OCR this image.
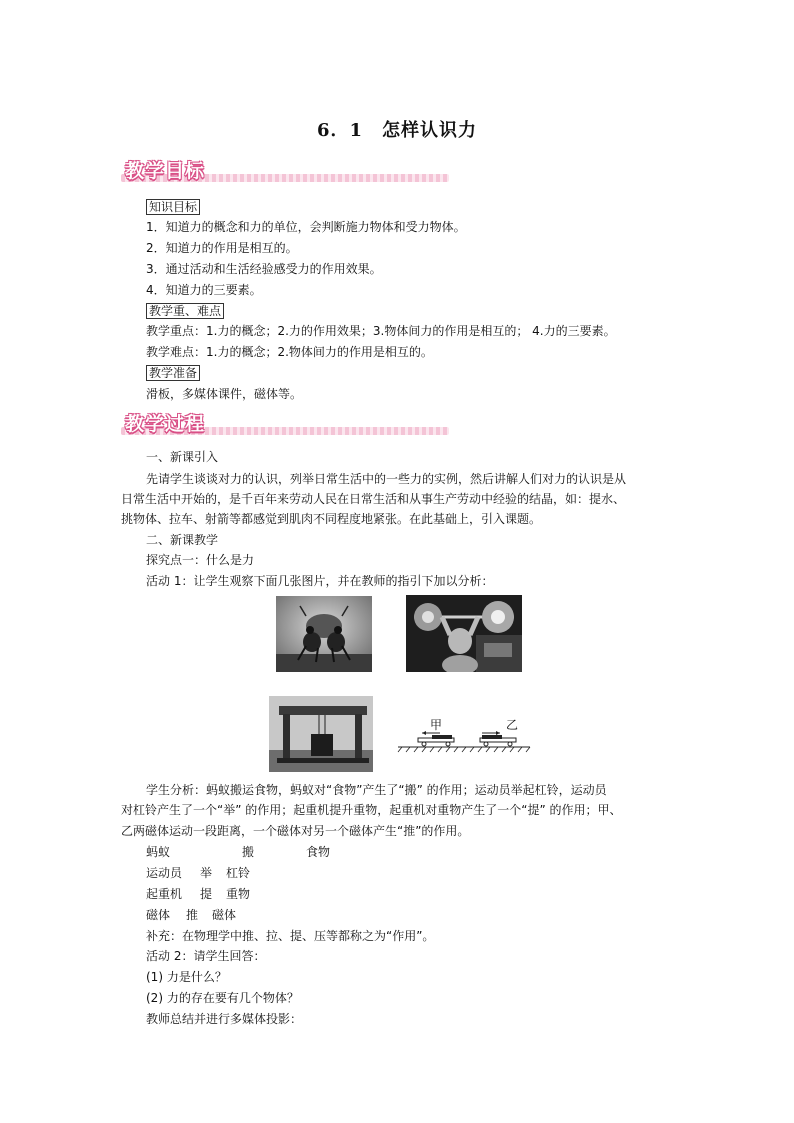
6．1　怎样认识力
教学目标
知识目标
1．知道力的概念和力的单位，会判断施力物体和受力物体。
2．知道力的作用是相互的。
3．通过活动和生活经验感受力的作用效果。
4．知道力的三要素。
教学重、难点
教学重点：1.力的概念；2.力的作用效果；3.物体间力的作用是相互的； 4.力的三要素。
教学难点：1.力的概念；2.物体间力的作用是相互的。
教学准备
滑板，多媒体课件，磁体等。
教学过程
一、新课引入
先请学生谈谈对力的认识，列举日常生活中的一些力的实例，然后讲解人们对力的认识是从
日常生活中开始的，是千百年来劳动人民在日常生活和从事生产劳动中经验的结晶，如：提水、
挑物体、拉车、射箭等都感觉到肌肉不同程度地紧张。在此基础上，引入课题。
二、新课教学
探究点一：什么是力
活动 1：让学生观察下面几张图片，并在教师的指引下加以分析：
甲	乙
学生分析：蚂蚁搬运食物，蚂蚁对“食物”产生了“搬” 的作用；运动员举起杠铃，运动员
对杠铃产生了一个“举” 的作用；起重机提升重物，起重机对重物产生了一个“提” 的作用；甲、
乙两磁体运动一段距离，一个磁体对另一个磁体产生“推”的作用。
蚂蚁	搬	食物
运动员 举 杠铃
起重机 提 重物
磁体 推 磁体
补充：在物理学中推、拉、提、压等都称之为“作用”。
活动 2：请学生回答：
(1) 力是什么？
(2) 力的存在要有几个物体？
教师总结并进行多媒体投影：
